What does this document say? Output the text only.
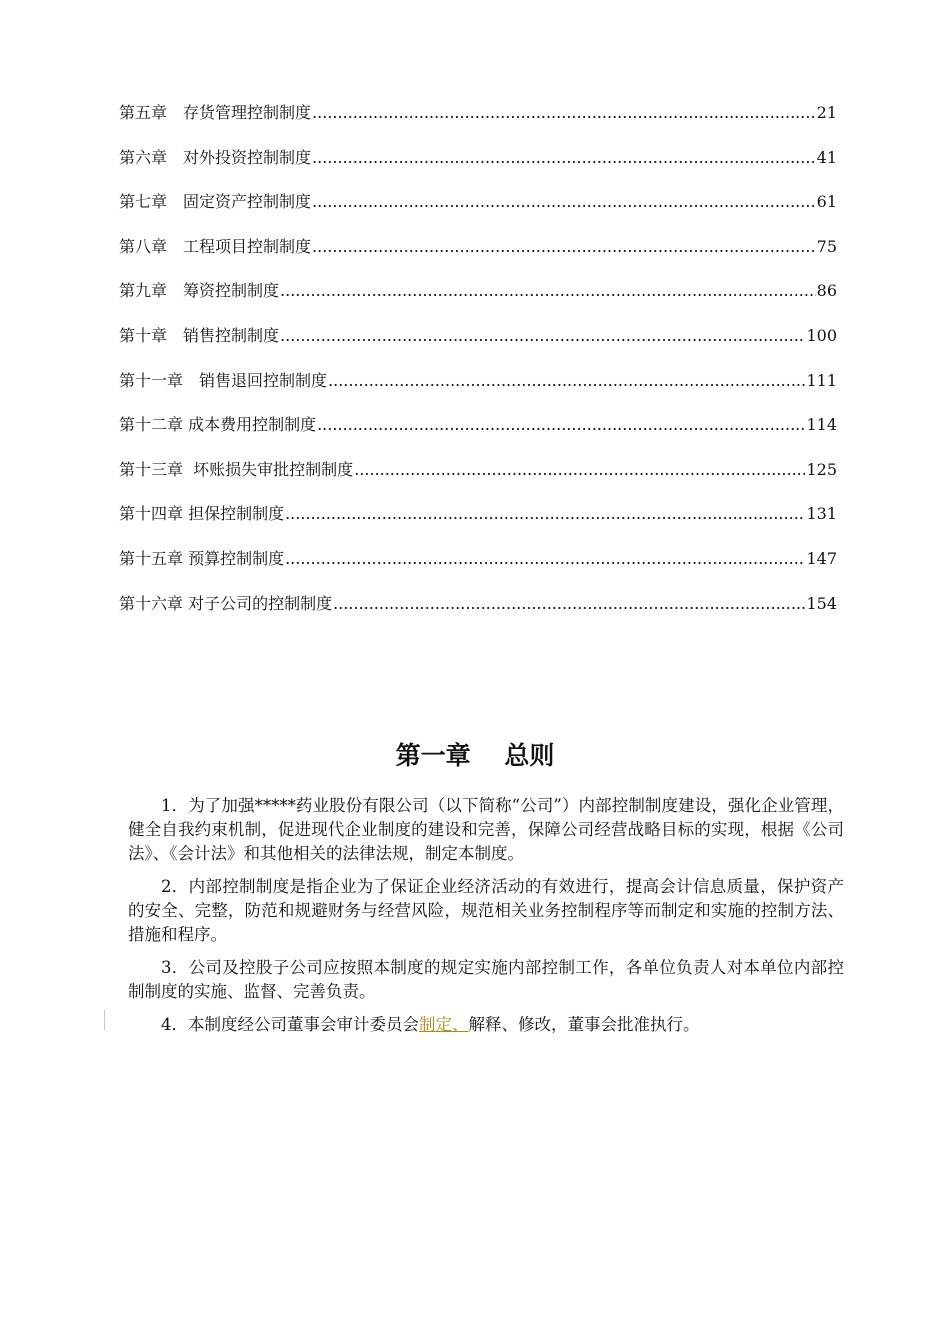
第五章　存货管理控制制度 .....	21
第六章　对外投资控制制度 .....	41
第七章　固定资产控制制度 .....	61
第八章　工程项目控制制度 .....	75
第九章　筹资控制制度 .....	86
第十章　销售控制制度 .....	100
第十一章　销售退回控制制度 .....	111
第十二章 成本费用控制制度 .....	114
第十三章  坏账损失审批控制制度 .....	125
第十四章 担保控制制度 .....	131
第十五章 预算控制制度 .....	147
第十六章 对子公司的控制制度 .....	154
第一章　 总则

1．为了加强*****药业股份有限公司（以下简称“公司”）内部控制制度建设，强化企业管理，健全自我约束机制，促进现代企业制度的建设和完善，保障公司经营战略目标的实现，根据《公司法》、《会计法》和其他相关的法律法规，制定本制度。

2．内部控制制度是指企业为了保证企业经济活动的有效进行，提高会计信息质量，保护资产的安全、完整，防范和规避财务与经营风险，规范相关业务控制程序等而制定和实施的控制方法、措施和程序。

3．公司及控股子公司应按照本制度的规定实施内部控制工作，各单位负责人对本单位内部控制制度的实施、监督、完善负责。

4．本制度经公司董事会审计委员会制定、解释、修改，董事会批准执行。
